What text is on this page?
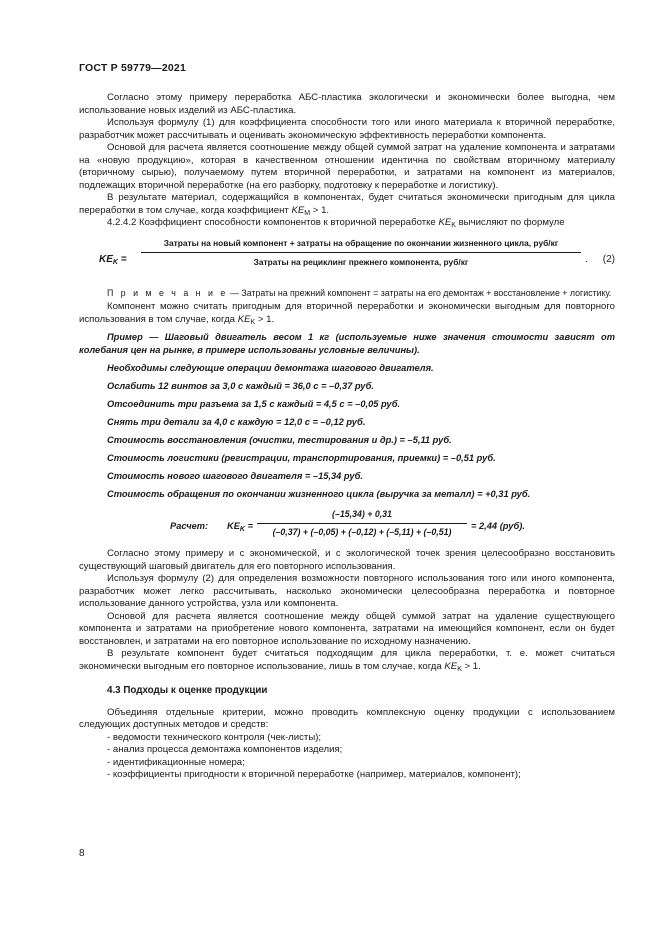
ГОСТ Р 59779—2021

Согласно этому примеру переработка АБС-пластика экологически и экономически более выгодна, чем использование новых изделий из АБС-пластика.

Используя формулу (1) для коэффициента способности того или иного материала к вторичной переработке, разработчик может рассчитывать и оценивать экономическую эффективность переработки компонента.

Основой для расчета является соотношение между общей суммой затрат на удаление компонента и затратами на «новую продукцию», которая в качественном отношении идентична по свойствам вторичному материалу (вторичному сырью), получаемому путем вторичной переработки, и затратами на компонент из материалов, подлежащих вторичной переработке (на его разборку, подготовку к переработке и логистику).

В результате материал, содержащийся в компонентах, будет считаться экономически пригодным для цикла переработки в том случае, когда коэффициент $KE_M > 1$.

4.2.4.2 Коэффициент способности компонентов к вторичной переработке $KE_K$ вычисляют по формуле

$KE_K$ =
Затраты на новый компонент + затраты на обращение по окончании жизненного цикла, руб/кг
Затраты на рециклинг прежнего компонента, руб/кг	. (2)

П р и м е ч а н и е — Затраты на прежний компонент = затраты на его демонтаж + восстановление + логистику.

Компонент можно считать пригодным для вторичной переработки и экономически выгодным для повторного использования в том случае, когда $KE_K > 1$.

Пример — Шаговый двигатель весом 1 кг (используемые ниже значения стоимости зависят от колебания цен на рынке, в примере использованы условные величины).

Необходимы следующие операции демонтажа шагового двигателя.
Ослабить 12 винтов за 3,0 с каждый = 36,0 с = –0,37 руб.
Отсоединить три разъема за 1,5 с каждый = 4,5 с = –0,05 руб.
Снять три детали за 4,0 с каждую = 12,0 с = –0,12 руб.
Стоимость восстановления (очистки, тестирования и др.) = –5,11 руб.
Стоимость логистики (регистрации, транспортирования, приемки) = –0,51 руб.
Стоимость нового шагового двигателя = –15,34 руб.
Стоимость обращения по окончании жизненного цикла (выручка за металл) = +0,31 руб.
Расчет: $KE_K = \frac{(-15,34) + 0,31}{(-0,37) + (-0,05) + (-0,12) + (-5,11) + (-0,51)} = 2,44$ (руб).

Согласно этому примеру и с экономической, и с экологической точек зрения целесообразно восстановить существующий шаговый двигатель для его повторного использования.

Используя формулу (2) для определения возможности повторного использования того или иного компонента, разработчик может легко рассчитывать, насколько экономически целесообразна переработка и повторное использование данного устройства, узла или компонента.

Основой для расчета является соотношение между общей суммой затрат на удаление существующего компонента и затратами на приобретение нового компонента, затратами на имеющийся компонент, если он будет восстановлен, и затратами на его повторное использование по исходному назначению.

В результате компонент будет считаться подходящим для цикла переработки, т. е. может считаться экономически выгодным его повторное использование, лишь в том случае, когда $KE_K > 1$.

4.3 Подходы к оценке продукции

Объединяя отдельные критерии, можно проводить комплексную оценку продукции с использованием следующих доступных методов и средств:

- ведомости технического контроля (чек-листы);
- анализ процесса демонтажа компонентов изделия;
- идентификационные номера;
- коэффициенты пригодности к вторичной переработке (например, материалов, компонент);
8
